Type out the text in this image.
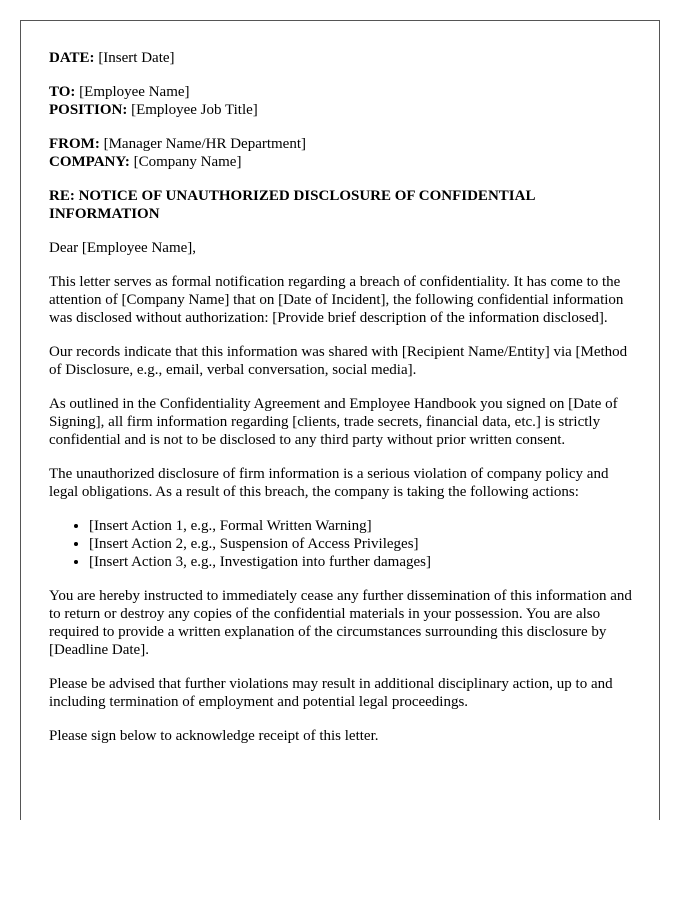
DATE: [Insert Date]
TO: [Employee Name]
POSITION: [Employee Job Title]
FROM: [Manager Name/HR Department]
COMPANY: [Company Name]
RE: NOTICE OF UNAUTHORIZED DISCLOSURE OF CONFIDENTIAL INFORMATION

Dear [Employee Name],

This letter serves as formal notification regarding a breach of confidentiality. It has come to the attention of [Company Name] that on [Date of Incident], the following confidential information was disclosed without authorization: [Provide brief description of the information disclosed].

Our records indicate that this information was shared with [Recipient Name/Entity] via [Method of Disclosure, e.g., email, verbal conversation, social media].

As outlined in the Confidentiality Agreement and Employee Handbook you signed on [Date of Signing], all firm information regarding [clients, trade secrets, financial data, etc.] is strictly confidential and is not to be disclosed to any third party without prior written consent.

The unauthorized disclosure of firm information is a serious violation of company policy and legal obligations. As a result of this breach, the company is taking the following actions:

• [Insert Action 1, e.g., Formal Written Warning]
• [Insert Action 2, e.g., Suspension of Access Privileges]
• [Insert Action 3, e.g., Investigation into further damages]

You are hereby instructed to immediately cease any further dissemination of this information and to return or destroy any copies of the confidential materials in your possession. You are also required to provide a written explanation of the circumstances surrounding this disclosure by [Deadline Date].

Please be advised that further violations may result in additional disciplinary action, up to and including termination of employment and potential legal proceedings.

Please sign below to acknowledge receipt of this letter.
